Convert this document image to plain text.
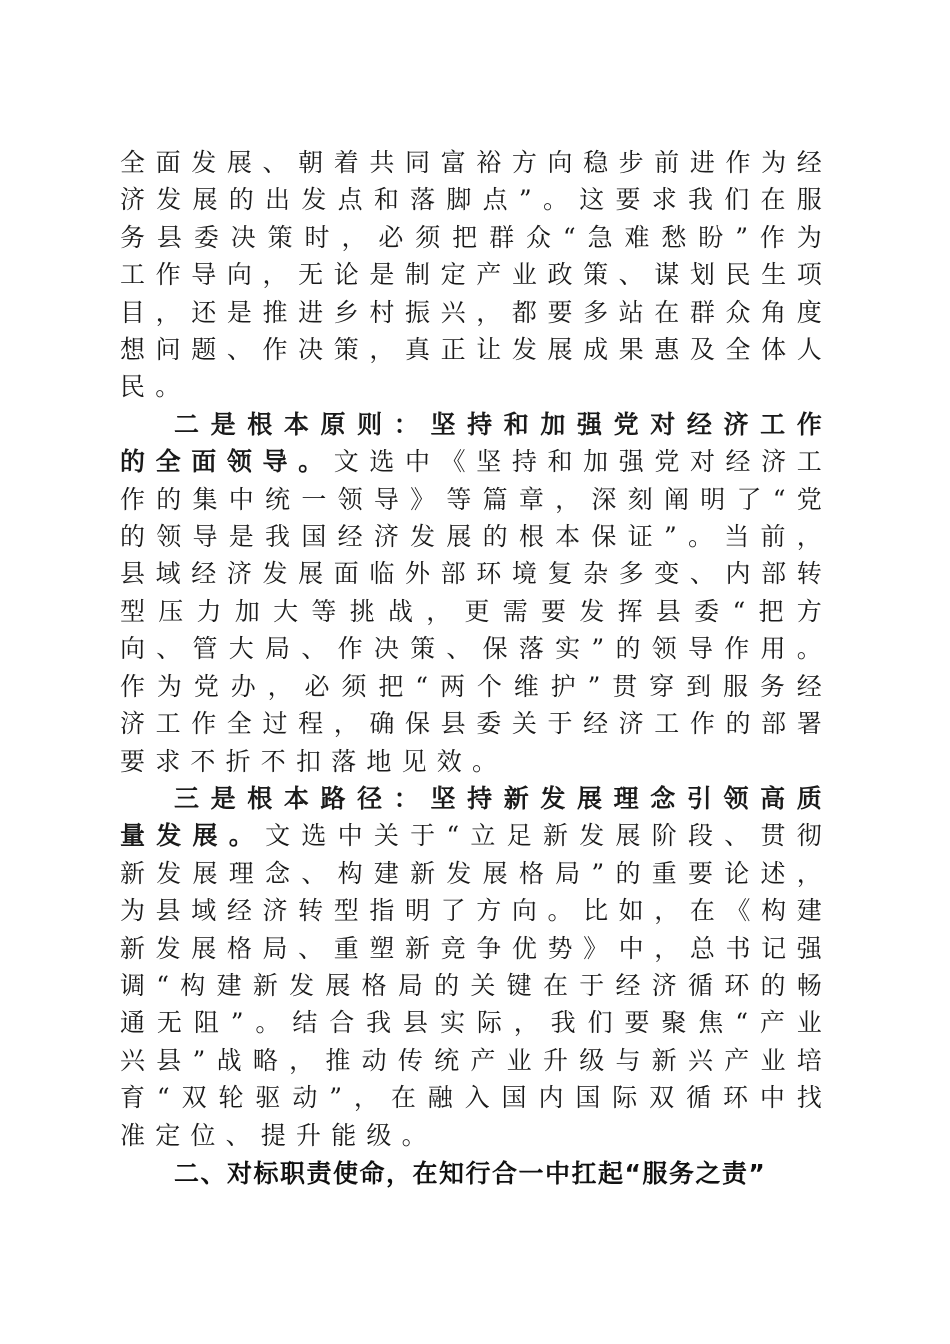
全面发展、朝着共同富裕方向稳步前进作为经济发展的出发点和落脚点”。这要求我们在服务县委决策时，必须把群众“急难愁盼”作为工作导向，无论是制定产业政策、谋划民生项目，还是推进乡村振兴，都要多站在群众角度想问题、作决策，真正让发展成果惠及全体人民。

二是根本原则：坚持和加强党对经济工作的全面领导。文选中《坚持和加强党对经济工作的集中统一领导》等篇章，深刻阐明了“党的领导是我国经济发展的根本保证”。当前，县域经济发展面临外部环境复杂多变、内部转型压力加大等挑战，更需要发挥县委“把方向、管大局、作决策、保落实”的领导作用。作为党办，必须把“两个维护”贯穿到服务经济工作全过程，确保县委关于经济工作的部署要求不折不扣落地见效。

三是根本路径：坚持新发展理念引领高质量发展。文选中关于“立足新发展阶段、贯彻新发展理念、构建新发展格局”的重要论述，为县域经济转型指明了方向。比如，在《构建新发展格局、重塑新竞争优势》中，总书记强调“构建新发展格局的关键在于经济循环的畅通无阻”。结合我县实际，我们要聚焦“产业兴县”战略，推动传统产业升级与新兴产业培育“双轮驱动”，在融入国内国际双循环中找准定位、提升能级。

二、对标职责使命，在知行合一中扛起“服务之责”
